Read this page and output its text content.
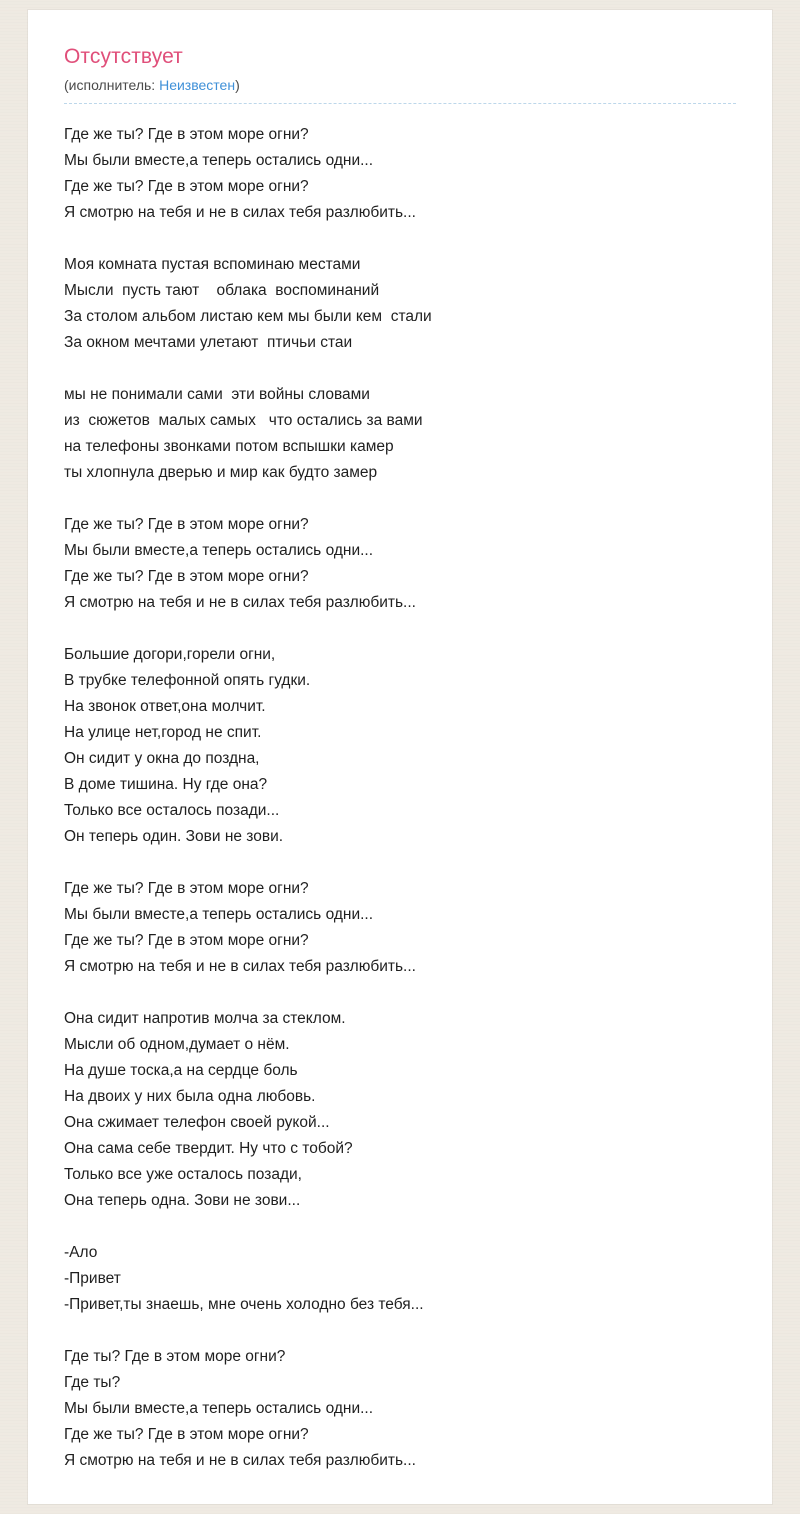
Отсутствует
(исполнитель: Неизвестен)
Где же ты? Где в этом море огни?
Мы были вместе,а теперь остались одни...
Где же ты? Где в этом море огни?
Я смотрю на тебя и не в силах тебя разлюбить...
Моя комната пустая вспоминаю местами
Мысли  пусть тают    облака  воспоминаний
За столом альбом листаю кем мы были кем  стали
За окном мечтами улетают  птичьи стаи
мы не понимали сами  эти войны словами
из  сюжетов  малых самых   что остались за вами
на телефоны звонками потом вспышки камер
ты хлопнула дверью и мир как будто замер
Где же ты? Где в этом море огни?
Мы были вместе,а теперь остались одни...
Где же ты? Где в этом море огни?
Я смотрю на тебя и не в силах тебя разлюбить...
Большие догори,горели огни,
В трубке телефонной опять гудки.
На звонок ответ,она молчит.
На улице нет,город не спит.
Он сидит у окна до поздна,
В доме тишина. Ну где она?
Только все осталось позади...
Он теперь один. Зови не зови.
Где же ты? Где в этом море огни?
Мы были вместе,а теперь остались одни...
Где же ты? Где в этом море огни?
Я смотрю на тебя и не в силах тебя разлюбить...
Она сидит напротив молча за стеклом.
Мысли об одном,думает о нём.
На душе тоска,а на сердце боль
На двоих у них была одна любовь.
Она сжимает телефон своей рукой...
Она сама себе твердит. Ну что с тобой?
Только все уже осталось позади,
Она теперь одна. Зови не зови...
-Ало
-Привет
-Привет,ты знаешь, мне очень холодно без тебя...
Где ты? Где в этом море огни?
Где ты?
Мы были вместе,а теперь остались одни...
Где же ты? Где в этом море огни?
Я смотрю на тебя и не в силах тебя разлюбить...
